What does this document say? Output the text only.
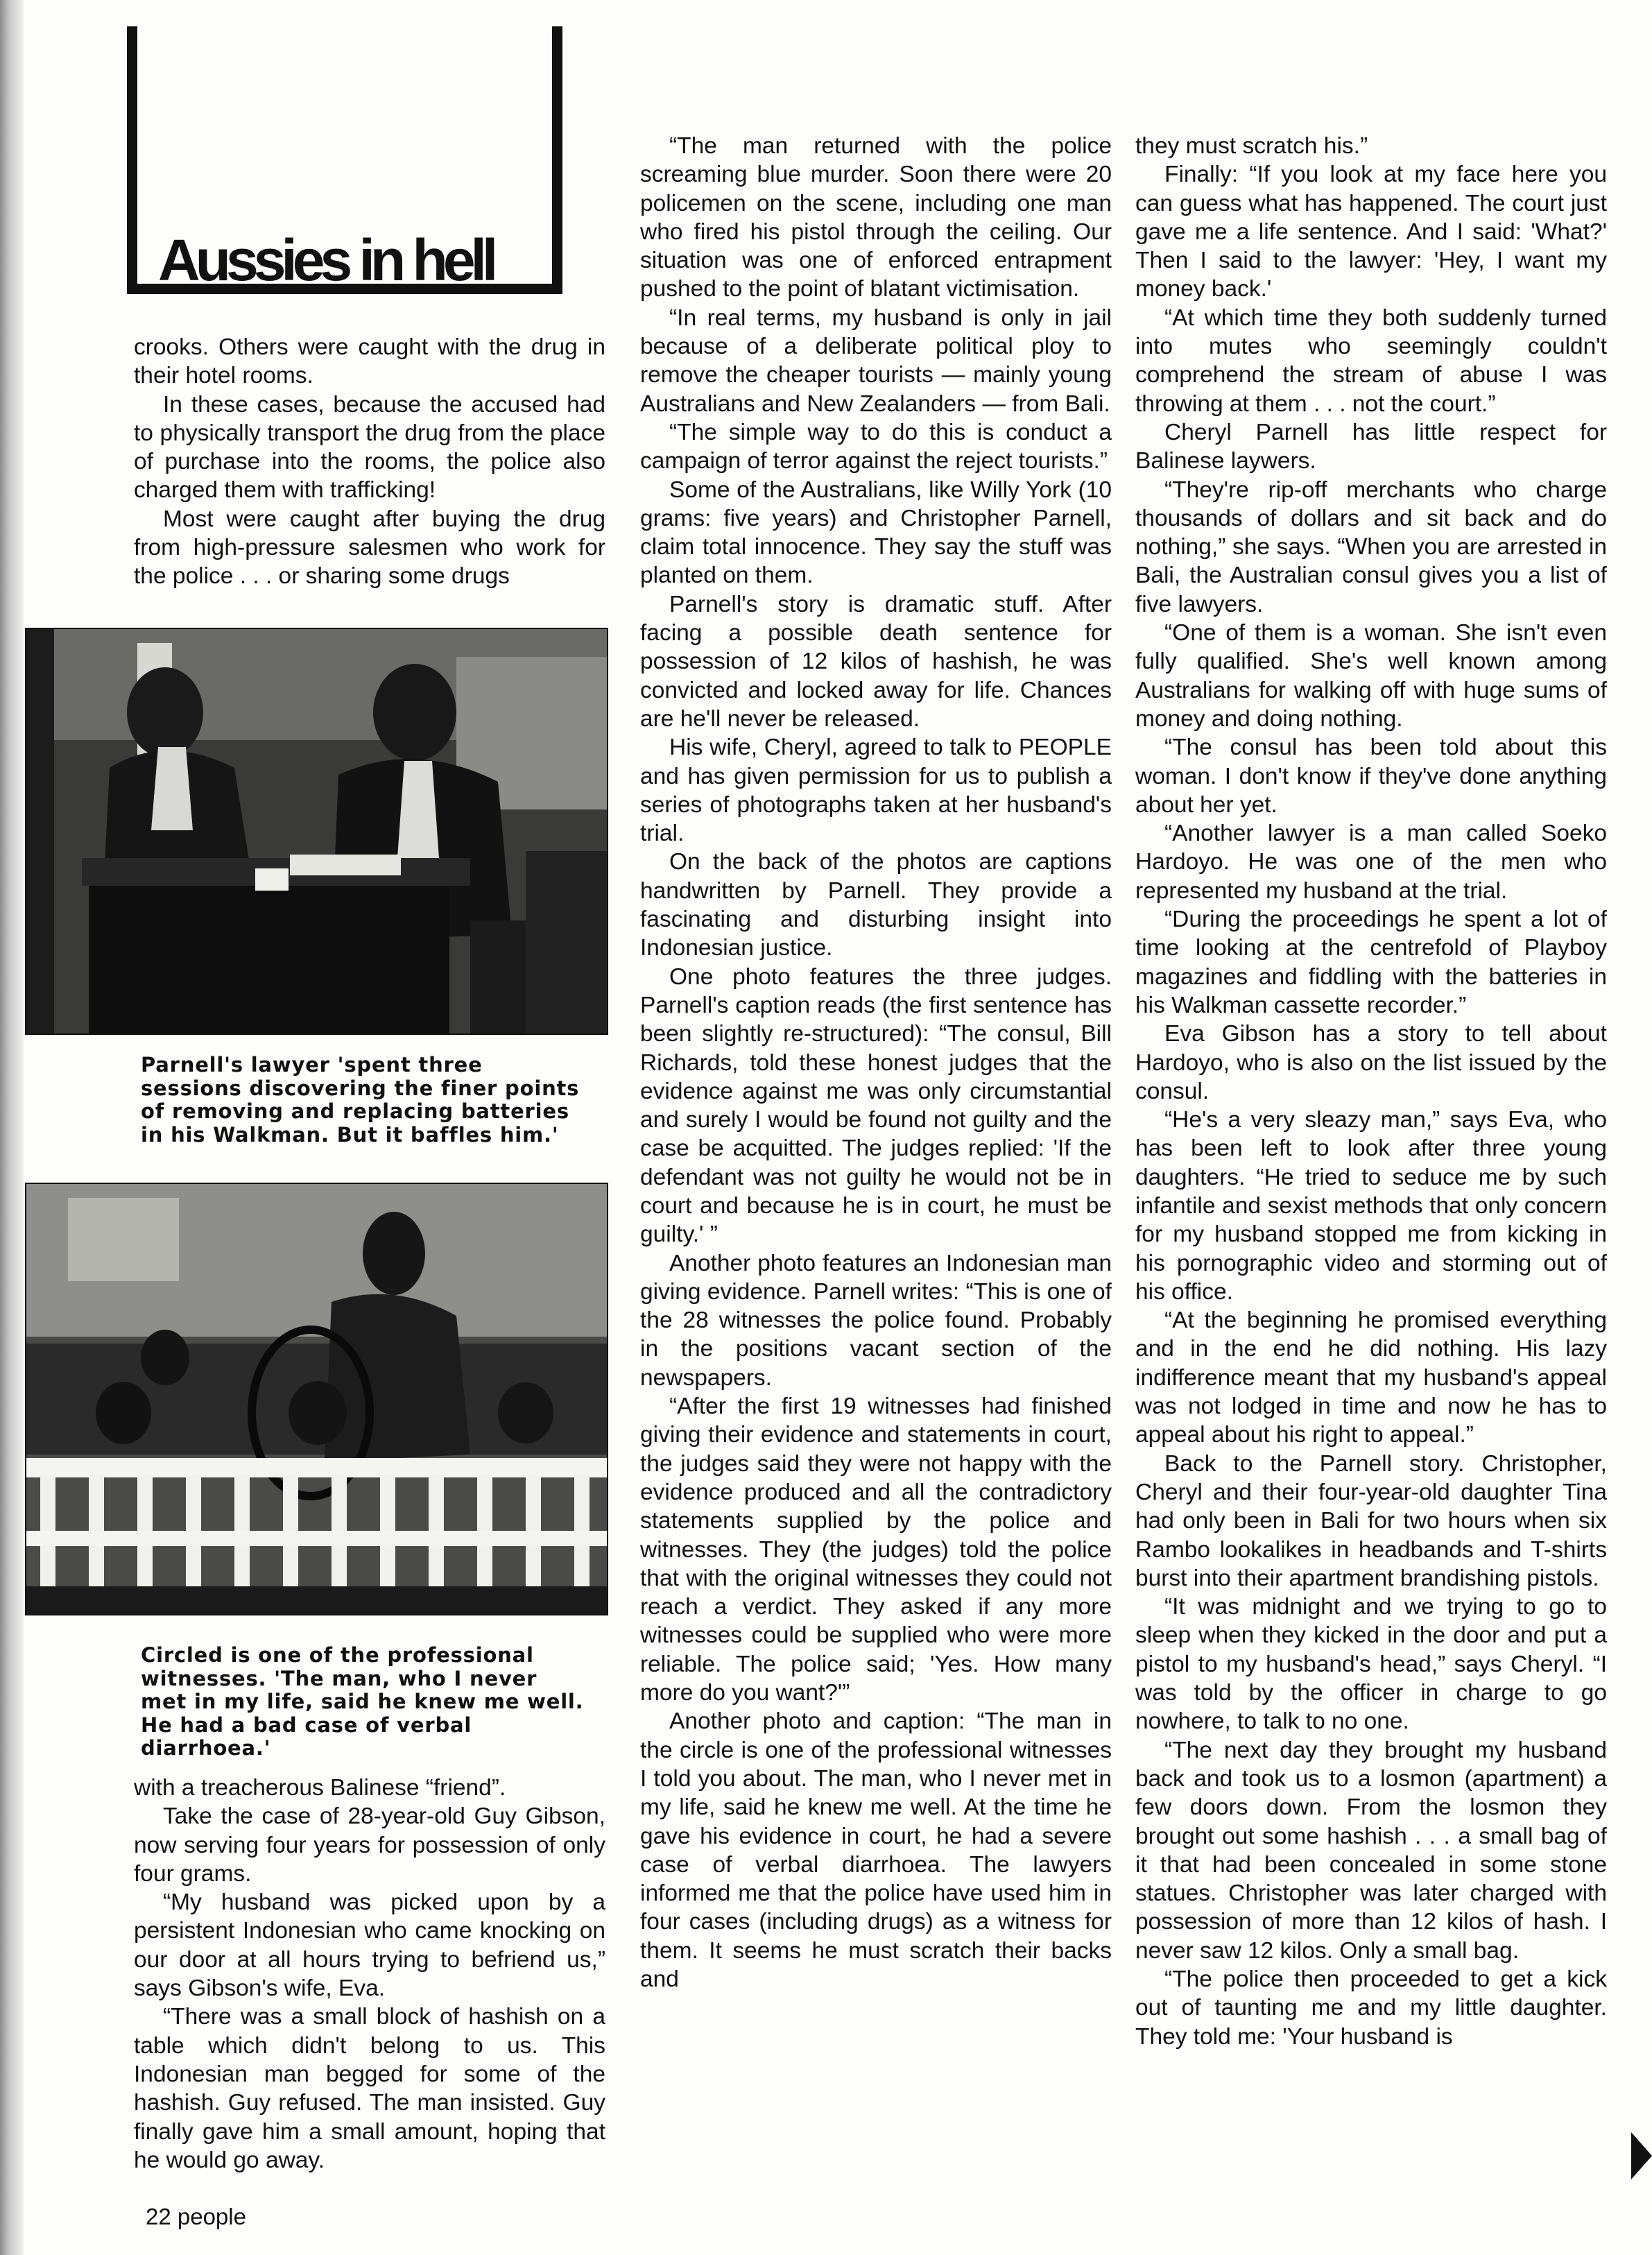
Aussies in hell

crooks. Others were caught with the drug in their hotel rooms.

In these cases, because the accused had to physically transport the drug from the place of purchase into the rooms, the police also charged them with trafficking!

Most were caught after buying the drug from high-pressure salesmen who work for the police . . . or sharing some drugs

Parnell's lawyer 'spent three sessions discovering the finer points of removing and replacing batteries in his Walkman. But it baffles him.'
Circled is one of the professional witnesses. 'The man, who I never met in my life, said he knew me well. He had a bad case of verbal diarrhoea.'

with a treacherous Balinese “friend”.

Take the case of 28-year-old Guy Gibson, now serving four years for possession of only four grams.

“My husband was picked upon by a persistent Indonesian who came knocking on our door at all hours trying to befriend us,” says Gibson's wife, Eva.

“There was a small block of hashish on a table which didn't belong to us. This Indonesian man begged for some of the hashish. Guy refused. The man insisted. Guy finally gave him a small amount, hoping that he would go away.

“The man returned with the police screaming blue murder. Soon there were 20 policemen on the scene, including one man who fired his pistol through the ceiling. Our situation was one of enforced entrapment pushed to the point of blatant victimisation.

“In real terms, my husband is only in jail because of a deliberate political ploy to remove the cheaper tourists — mainly young Australians and New Zealanders — from Bali.

“The simple way to do this is conduct a campaign of terror against the reject tourists.”

Some of the Australians, like Willy York (10 grams: five years) and Christopher Parnell, claim total innocence. They say the stuff was planted on them.

Parnell's story is dramatic stuff. After facing a possible death sentence for possession of 12 kilos of hashish, he was convicted and locked away for life. Chances are he'll never be released.

His wife, Cheryl, agreed to talk to PEOPLE and has given permission for us to publish a series of photographs taken at her husband's trial.

On the back of the photos are captions handwritten by Parnell. They provide a fascinating and disturbing insight into Indonesian justice.

One photo features the three judges. Parnell's caption reads (the first sentence has been slightly re-structured): “The consul, Bill Richards, told these honest judges that the evidence against me was only circumstantial and surely I would be found not guilty and the case be acquitted. The judges replied: 'If the defendant was not guilty he would not be in court and because he is in court, he must be guilty.' ”

Another photo features an Indonesian man giving evidence. Parnell writes: “This is one of the 28 witnesses the police found. Probably in the positions vacant section of the newspapers.

“After the first 19 witnesses had finished giving their evidence and statements in court, the judges said they were not happy with the evidence produced and all the contradictory statements supplied by the police and witnesses. They (the judges) told the police that with the original witnesses they could not reach a verdict. They asked if any more witnesses could be supplied who were more reliable. The police said; 'Yes. How many more do you want?'”

Another photo and caption: “The man in the circle is one of the professional witnesses I told you about. The man, who I never met in my life, said he knew me well. At the time he gave his evidence in court, he had a severe case of verbal diarrhoea. The lawyers informed me that the police have used him in four cases (including drugs) as a witness for them. It seems he must scratch their backs and

they must scratch his.”

Finally: “If you look at my face here you can guess what has happened. The court just gave me a life sentence. And I said: 'What?' Then I said to the lawyer: 'Hey, I want my money back.'

“At which time they both suddenly turned into mutes who seemingly couldn't comprehend the stream of abuse I was throwing at them . . . not the court.”

Cheryl Parnell has little respect for Balinese laywers.

“They're rip-off merchants who charge thousands of dollars and sit back and do nothing,” she says. “When you are arrested in Bali, the Australian consul gives you a list of five lawyers.

“One of them is a woman. She isn't even fully qualified. She's well known among Australians for walking off with huge sums of money and doing nothing.

“The consul has been told about this woman. I don't know if they've done anything about her yet.

“Another lawyer is a man called Soeko Hardoyo. He was one of the men who represented my husband at the trial.

“During the proceedings he spent a lot of time looking at the centrefold of Playboy magazines and fiddling with the batteries in his Walkman cassette recorder.”

Eva Gibson has a story to tell about Hardoyo, who is also on the list issued by the consul.

“He's a very sleazy man,” says Eva, who has been left to look after three young daughters. “He tried to seduce me by such infantile and sexist methods that only concern for my husband stopped me from kicking in his pornographic video and storming out of his office.

“At the beginning he promised everything and in the end he did nothing. His lazy indifference meant that my husband's appeal was not lodged in time and now he has to appeal about his right to appeal.”

Back to the Parnell story. Christopher, Cheryl and their four-year-old daughter Tina had only been in Bali for two hours when six Rambo lookalikes in headbands and T-shirts burst into their apartment brandishing pistols.

“It was midnight and we trying to go to sleep when they kicked in the door and put a pistol to my husband's head,” says Cheryl. “I was told by the officer in charge to go nowhere, to talk to no one.

“The next day they brought my husband back and took us to a losmon (apartment) a few doors down. From the losmon they brought out some hashish . . . a small bag of it that had been concealed in some stone statues. Christopher was later charged with possession of more than 12 kilos of hash. I never saw 12 kilos. Only a small bag.

“The police then proceeded to get a kick out of taunting me and my little daughter. They told me: 'Your husband is

22 people
